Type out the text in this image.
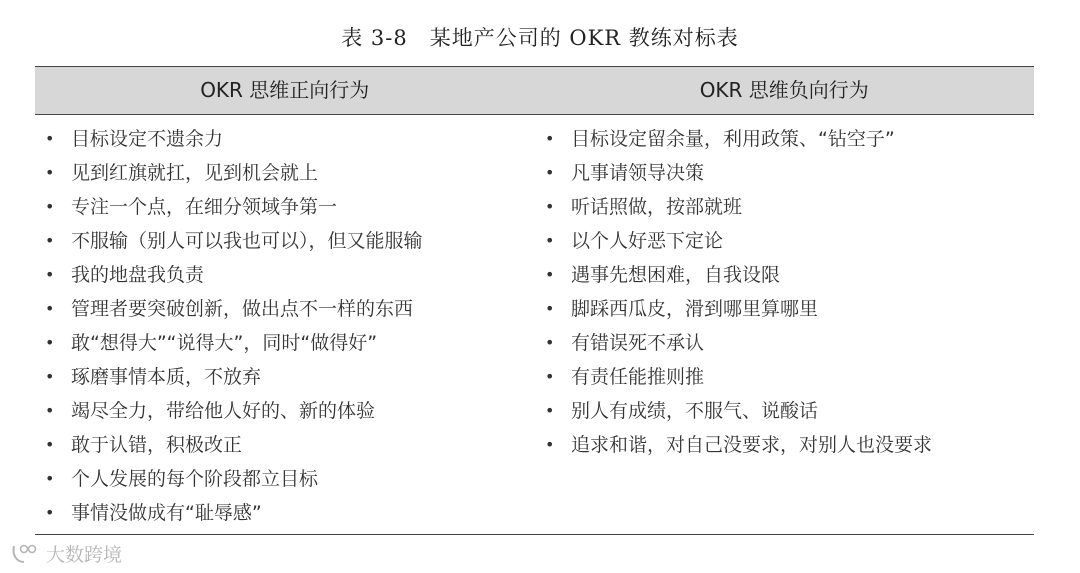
表 3-8　某地产公司的 OKR 教练对标表
OKR 思维正向行为	OKR 思维负向行为
• 目标设定不遗余力
• 见到红旗就扛，见到机会就上
• 专注一个点，在细分领域争第一
• 不服输（别人可以我也可以），但又能服输
• 我的地盘我负责
• 管理者要突破创新，做出点不一样的东西
• 敢“想得大”“说得大”，同时“做得好”
• 琢磨事情本质，不放弃
• 竭尽全力，带给他人好的、新的体验
• 敢于认错，积极改正
• 个人发展的每个阶段都立目标
• 事情没做成有“耻辱感”
• 目标设定留余量，利用政策、“钻空子”
• 凡事请领导决策
• 听话照做，按部就班
• 以个人好恶下定论
• 遇事先想困难，自我设限
• 脚踩西瓜皮，滑到哪里算哪里
• 有错误死不承认
• 有责任能推则推
• 别人有成绩，不服气、说酸话
• 追求和谐，对自己没要求，对别人也没要求
大数跨境
